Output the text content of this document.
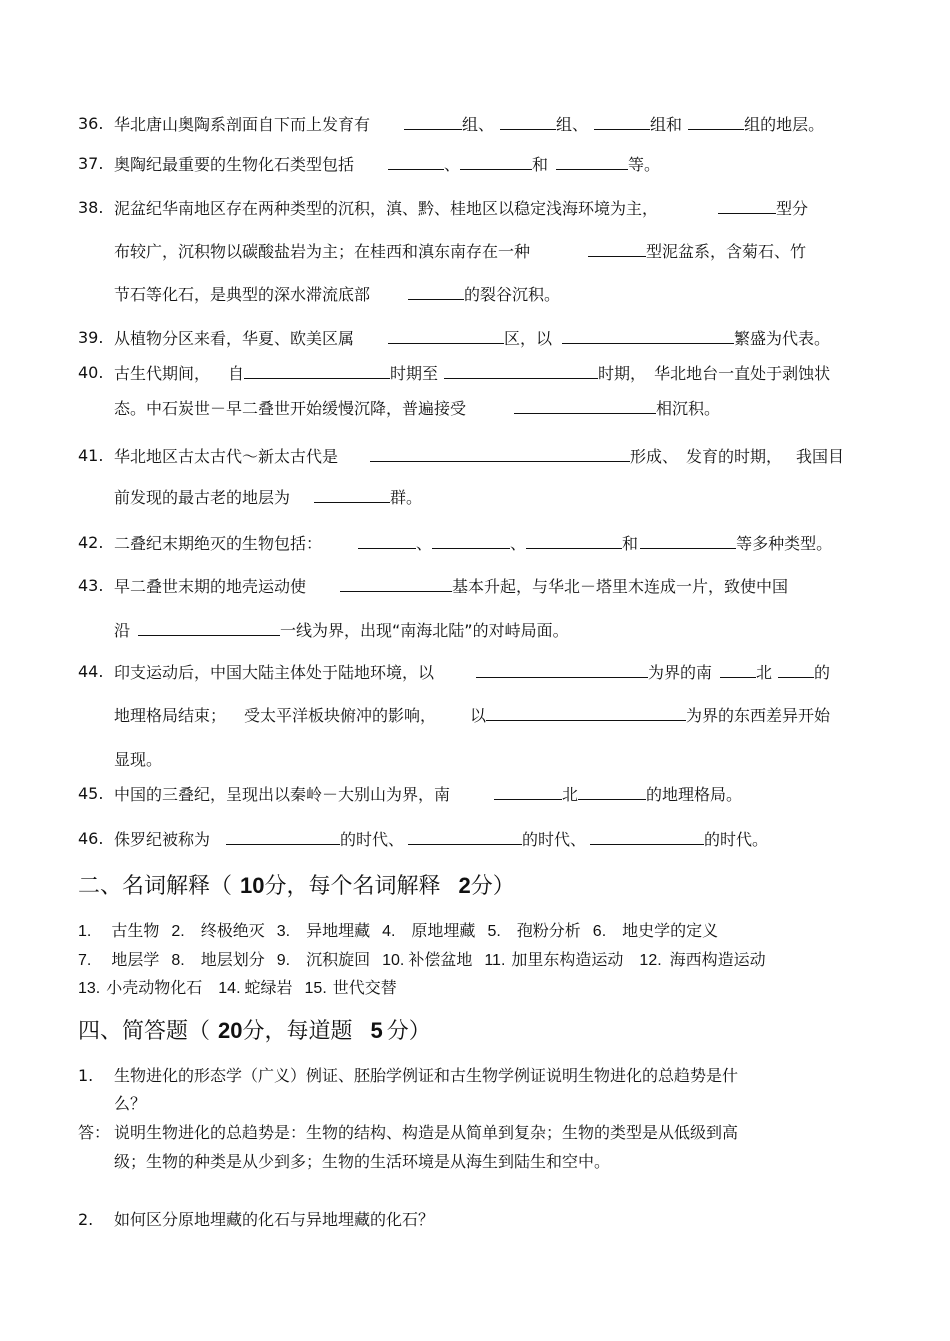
36. 华北唐山奥陶系剖面自下而上发育有	组、	组、	组和	组的地层。
37. 奥陶纪最重要的生物化石类型包括	、	和	等。
38. 泥盆纪华南地区存在两种类型的沉积，滇、黔、桂地区以稳定浅海环境为主，	型分
布较广，沉积物以碳酸盐岩为主；在桂西和滇东南存在一种	型泥盆系，含菊石、竹
节石等化石，是典型的深水滞流底部	的裂谷沉积。
39. 从植物分区来看，华夏、欧美区属	区，以	繁盛为代表。
40. 古生代期间， 自	时期至	时期， 华北地台一直处于剥蚀状
态。中石炭世－早二叠世开始缓慢沉降，普遍接受	相沉积。
41. 华北地区古太古代～新太古代是	形成、 发育的时期， 我国目
前发现的最古老的地层为	群。
42. 二叠纪末期绝灭的生物包括：	、	、	和	等多种类型。
43. 早二叠世末期的地壳运动使	基本升起，与华北－塔里木连成一片，致使中国
沿	一线为界，出现“南海北陆”的对峙局面。
44. 印支运动后，中国大陆主体处于陆地环境，以	为界的南	北	的
地理格局结束； 受太平洋板块俯冲的影响， 以	为界的东西差异开始
显现。
45. 中国的三叠纪，呈现出以秦岭－大别山为界，南	北	的地理格局。
46. 侏罗纪被称为	的时代、	的时代、	的时代。
二、名词解释（ 10分，每个名词解释 2分）
1. 古生物 2. 终极绝灭 3. 异地埋藏 4. 原地埋藏 5. 孢粉分析 6. 地史学的定义
7. 地层学 8. 地层划分 9. 沉积旋回 10. 补偿盆地 11. 加里东构造运动 12. 海西构造运动
13. 小壳动物化石 14. 蛇绿岩 15. 世代交替
四、简答题（ 20分，每道题 5 分）
1. 生物进化的形态学（广义）例证、胚胎学例证和古生物学例证说明生物进化的总趋势是什
么？
答： 说明生物进化的总趋势是：生物的结构、构造是从简单到复杂；生物的类型是从低级到高
级；生物的种类是从少到多；生物的生活环境是从海生到陆生和空中。
2. 如何区分原地埋藏的化石与异地埋藏的化石？
